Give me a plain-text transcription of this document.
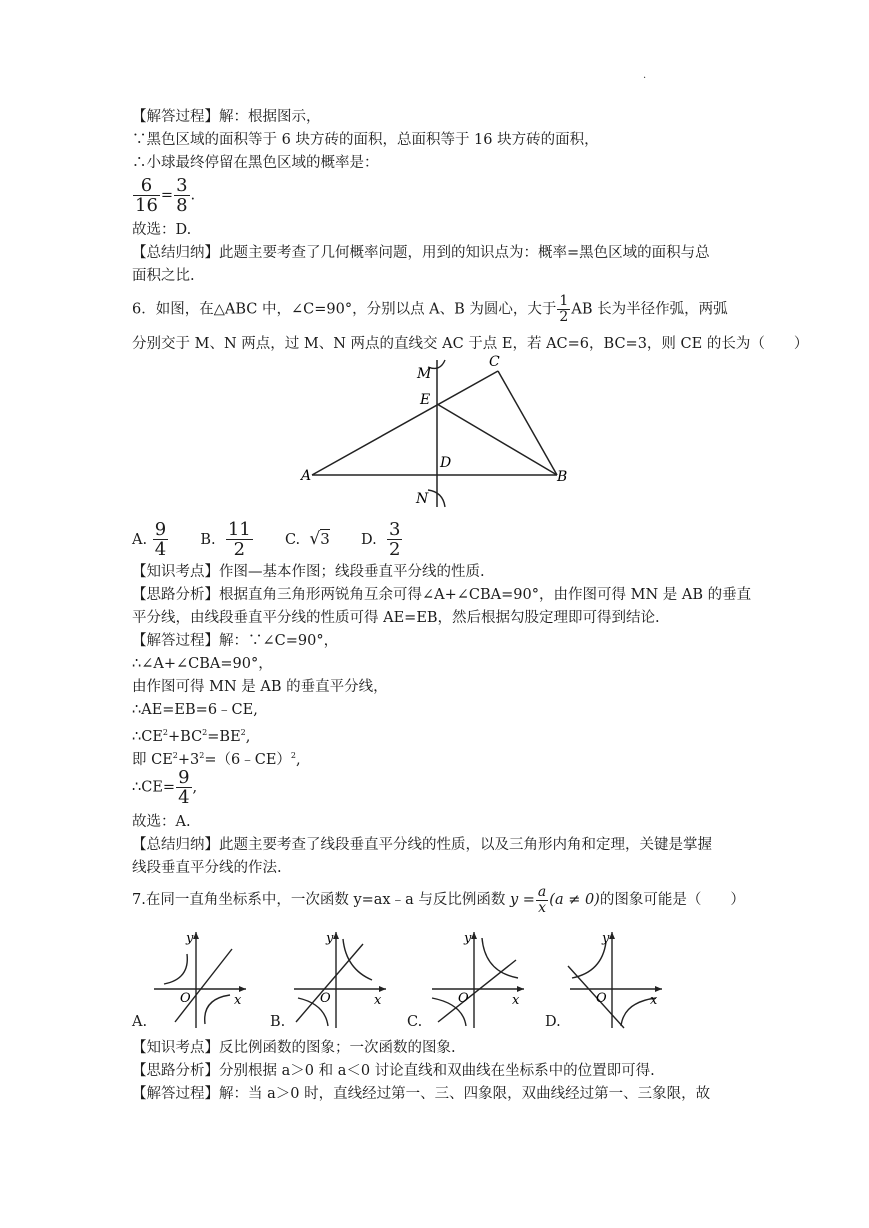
.
【解答过程】解：根据图示，
∵黑色区域的面积等于 6 块方砖的面积，总面积等于 16 块方砖的面积，
∴小球最终停留在黑色区域的概率是：
$\frac{6}{16} = \frac{3}{8}$ .
故选：D.
【总结归纳】此题主要考查了几何概率问题，用到的知识点为：概率=黑色区域的面积与总
面积之比.
6．如图，在△ABC 中，∠C=90°，分别以点 A、B 为圆心，大于 $\frac{1}{2}$ AB 长为半径作弧，两弧
分别交于 M、N 两点，过 M、N 两点的直线交 AC 于点 E，若 AC=6，BC=3，则 CE 的长为（　　）
C
M
E
D
A	B
N
A. $\frac{9}{4} B$. $\frac{11}{2} C$. √3 D. $\frac{3}{2}$
【知识考点】作图—基本作图；线段垂直平分线的性质.
【思路分析】根据直角三角形两锐角互余可得∠A+∠CBA=90°，由作图可得 MN 是 AB 的垂直
平分线，由线段垂直平分线的性质可得 AE=EB，然后根据勾股定理即可得到结论.
【解答过程】解：∵∠C=90°，
∴∠A+∠CBA=90°，
由作图可得 MN 是 AB 的垂直平分线，
∴AE=EB=6﹣CE,
$\therefore CE^2+BC^2=BE^2$,
即 $CE^2+3^2=(6﹣CE)^2$,
∴CE= $\frac{9}{4}$ ,
故选：A.
【总结归纳】此题主要考查了线段垂直平分线的性质，以及三角形内角和定理，关键是掌握
线段垂直平分线的作法.
7.在同一直角坐标系中，一次函数 y=ax﹣a 与反比例函数 $y = \frac{a}{x} (a \ne 0)$的图象可能是（　　）
y
x
O
y
x
O
y
x
O
y
x
O
A.	B.	C.	D.
【知识考点】反比例函数的图象；一次函数的图象.
【思路分析】分别根据 a＞0 和 a＜0 讨论直线和双曲线在坐标系中的位置即可得.
【解答过程】解：当 a＞0 时，直线经过第一、三、四象限，双曲线经过第一、三象限，故
